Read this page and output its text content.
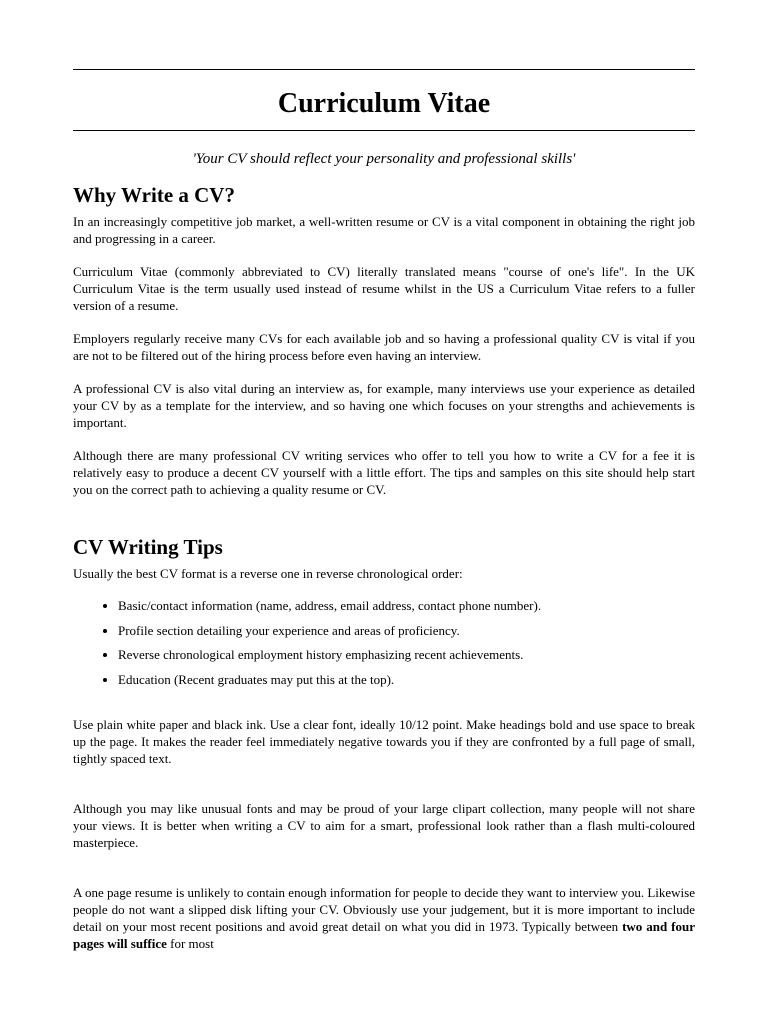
Curriculum Vitae
'Your CV should reflect your personality and professional skills'
Why Write a CV?

In an increasingly competitive job market, a well-written resume or CV is a vital component in obtaining the right job and progressing in a career.

Curriculum Vitae (commonly abbreviated to CV) literally translated means "course of one's life". In the UK Curriculum Vitae is the term usually used instead of resume whilst in the US a Curriculum Vitae refers to a fuller version of a resume.

Employers regularly receive many CVs for each available job and so having a professional quality CV is vital if you are not to be filtered out of the hiring process before even having an interview.

A professional CV is also vital during an interview as, for example, many interviews use your experience as detailed your CV by as a template for the interview, and so having one which focuses on your strengths and achievements is important.

Although there are many professional CV writing services who offer to tell you how to write a CV for a fee it is relatively easy to produce a decent CV yourself with a little effort. The tips and samples on this site should help start you on the correct path to achieving a quality resume or CV.

CV Writing Tips

Usually the best CV format is a reverse one in reverse chronological order:

• Basic/contact information (name, address, email address, contact phone number).
• Profile section detailing your experience and areas of proficiency.
• Reverse chronological employment history emphasizing recent achievements.
• Education (Recent graduates may put this at the top).

Use plain white paper and black ink. Use a clear font, ideally 10/12 point. Make headings bold and use space to break up the page. It makes the reader feel immediately negative towards you if they are confronted by a full page of small, tightly spaced text.

Although you may like unusual fonts and may be proud of your large clipart collection, many people will not share your views. It is better when writing a CV to aim for a smart, professional look rather than a flash multi-coloured masterpiece.

A one page resume is unlikely to contain enough information for people to decide they want to interview you. Likewise people do not want a slipped disk lifting your CV. Obviously use your judgement, but it is more important to include detail on your most recent positions and avoid great detail on what you did in 1973. Typically between two and four pages will suffice for most
